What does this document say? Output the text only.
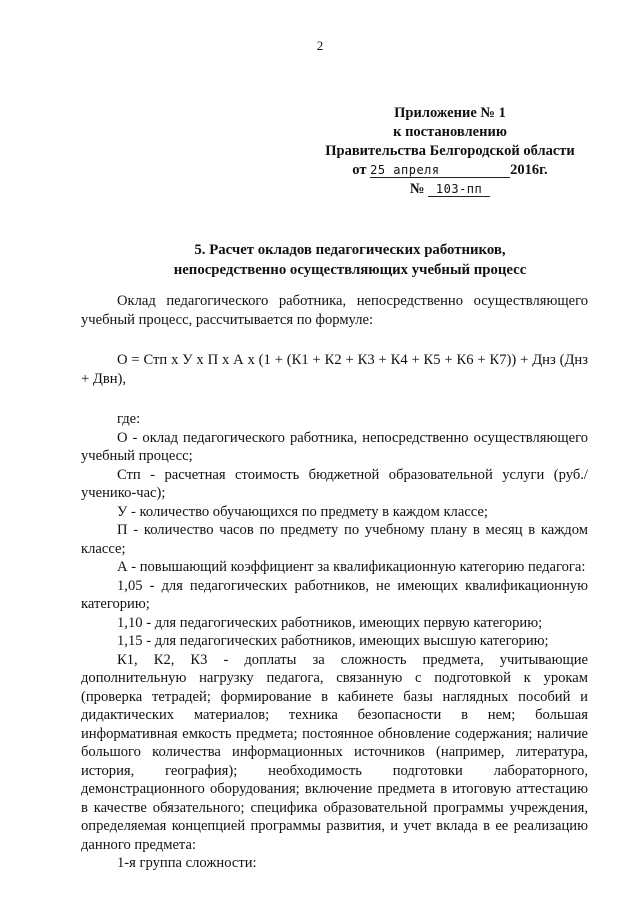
2
Приложение № 1
к постановлению
Правительства Белгородской области
от 25 апреля	2016г.
№ 103-пп
5. Расчет окладов педагогических работников,
непосредственно осуществляющих учебный процесс

Оклад педагогического работника, непосредственно осуществляющего учебный процесс, рассчитывается по формуле:

О = Стп х У х П х А х (1 + (К1 + К2 + К3 + К4 + К5 + К6 + К7)) + Днз (Днз + Двн),

где:

О - оклад педагогического работника, непосредственно осуществляющего учебный процесс;

Стп - расчетная стоимость бюджетной образовательной услуги (руб./ученико-час);

У - количество обучающихся по предмету в каждом классе;

П - количество часов по предмету по учебному плану в месяц в каждом классе;

А - повышающий коэффициент за квалификационную категорию педагога:

1,05 - для педагогических работников, не имеющих квалификационную категорию;

1,10 - для педагогических работников, имеющих первую категорию;

1,15 - для педагогических работников, имеющих высшую категорию;

К1, К2, К3 - доплаты за сложность предмета, учитывающие дополнительную нагрузку педагога, связанную с подготовкой к урокам (проверка тетрадей; формирование в кабинете базы наглядных пособий и дидактических материалов; техника безопасности в нем; большая информативная емкость предмета; постоянное обновление содержания; наличие большого количества информационных источников (например, литература, история, география); необходимость подготовки лабораторного, демонстрационного оборудования; включение предмета в итоговую аттестацию в качестве обязательного; специфика образовательной программы учреждения, определяемая концепцией программы развития, и учет вклада в ее реализацию данного предмета:

1-я группа сложности:
